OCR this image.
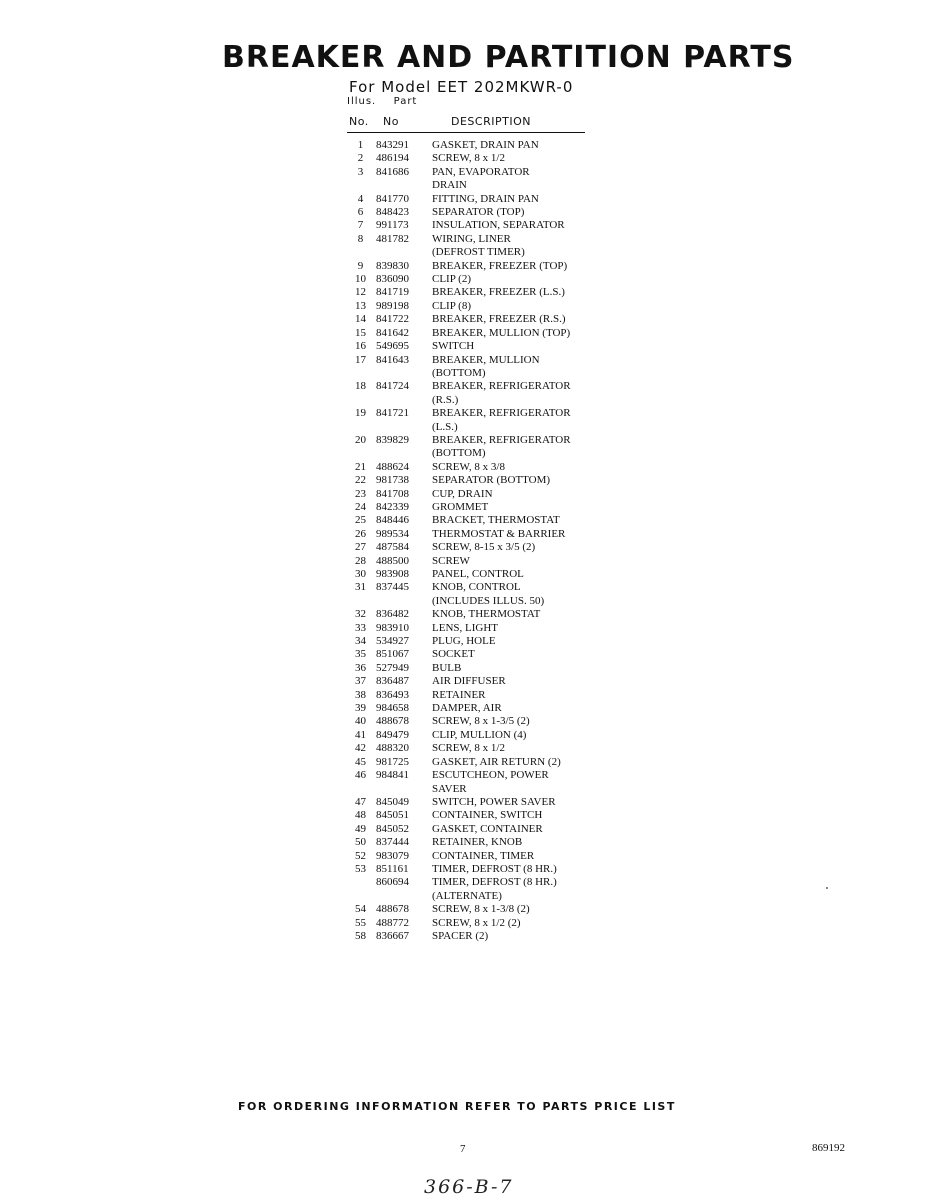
BREAKER AND PARTITION PARTS
For Model EET 202MKWR-0
Illus. Part
No. No	DESCRIPTION
1	843291	GASKET, DRAIN PAN
2	486194	SCREW, 8 x 1/2
3	841686	PAN, EVAPORATOR
DRAIN
4	841770	FITTING, DRAIN PAN
6	848423	SEPARATOR (TOP)
7	991173	INSULATION, SEPARATOR
8	481782	WIRING, LINER
(DEFROST TIMER)
9	839830	BREAKER, FREEZER (TOP)
10 836090	CLIP (2)
12 841719	BREAKER, FREEZER (L.S.)
13 989198	CLIP (8)
14 841722	BREAKER, FREEZER (R.S.)
15 841642	BREAKER, MULLION (TOP)
16 549695	SWITCH
17 841643	BREAKER, MULLION
(BOTTOM)
18 841724	BREAKER, REFRIGERATOR
(R.S.)
19 841721	BREAKER, REFRIGERATOR
(L.S.)
20 839829	BREAKER, REFRIGERATOR
(BOTTOM)
21 488624	SCREW, 8 x 3/8
22 981738	SEPARATOR (BOTTOM)
23 841708	CUP, DRAIN
24 842339	GROMMET
25 848446	BRACKET, THERMOSTAT
26 989534	THERMOSTAT & BARRIER
27 487584	SCREW, 8-15 x 3/5 (2)
28 488500	SCREW
30 983908	PANEL, CONTROL
31 837445	KNOB, CONTROL
(INCLUDES ILLUS. 50)
32 836482	KNOB, THERMOSTAT
33 983910	LENS, LIGHT
34 534927	PLUG, HOLE
35 851067	SOCKET
36 527949	BULB
37 836487	AIR DIFFUSER
38 836493	RETAINER
39 984658	DAMPER, AIR
40 488678	SCREW, 8 x 1-3/5 (2)
41 849479	CLIP, MULLION (4)
42 488320	SCREW, 8 x 1/2
45 981725	GASKET, AIR RETURN (2)
46 984841	ESCUTCHEON, POWER
SAVER
47 845049	SWITCH, POWER SAVER
48 845051	CONTAINER, SWITCH
49 845052	GASKET, CONTAINER
50 837444	RETAINER, KNOB
52 983079	CONTAINER, TIMER
53 851161	TIMER, DEFROST (8 HR.)
860694	TIMER, DEFROST (8 HR.)
(ALTERNATE)
54 488678	SCREW, 8 x 1-3/8 (2)
55 488772	SCREW, 8 x 1/2 (2)
58 836667	SPACER (2)
FOR ORDERING INFORMATION REFER TO PARTS PRICE LIST
7	869192
366-B-7
